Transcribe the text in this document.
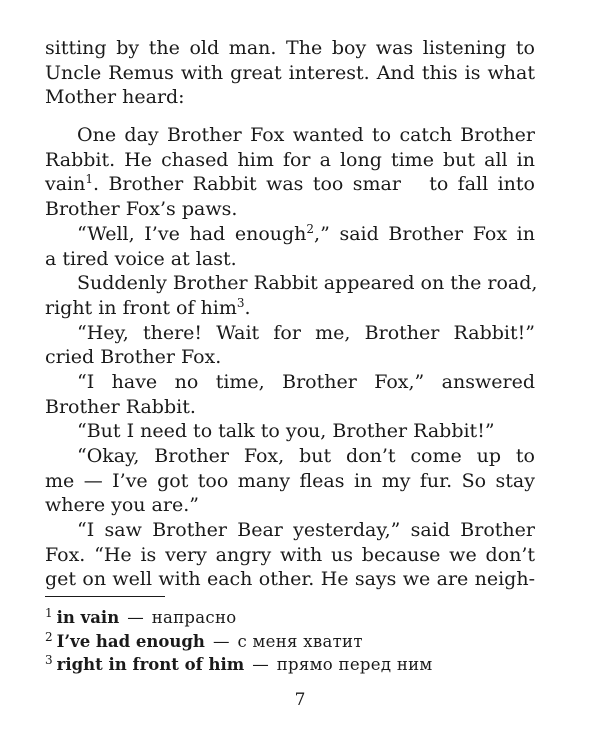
sitting by the old man. The boy was listening to
Uncle Remus with great interest. And this is what
Mother heard:
One day Brother Fox wanted to catch Brother
Rabbit. He chased him for a long time but all in
vain$^1$. Brother Rabbit was too smar   to fall into
Brother Fox’s paws.
“Well, I’ve had enough$^2$,” said Brother Fox in
a tired voice at last.
Suddenly Brother Rabbit appeared on the road,
right in front of him$^3$.
“Hey, there! Wait for me, Brother Rabbit!”
cried Brother Fox.
“I have no time, Brother Fox,” answered
Brother Rabbit.
“But I need to talk to you, Brother Rabbit!”
“Okay, Brother Fox, but don’t come up to
me — I’ve got too many fleas in my fur. So stay
where you are.”
“I saw Brother Bear yesterday,” said Brother
Fox. “He is very angry with us because we don’t
get on well with each other. He says we are neigh-
$^1$ in vain — напрасно
$^2$ I’ve had enough — с меня хватит
$^3$ right in front of him — прямо перед ним
7
